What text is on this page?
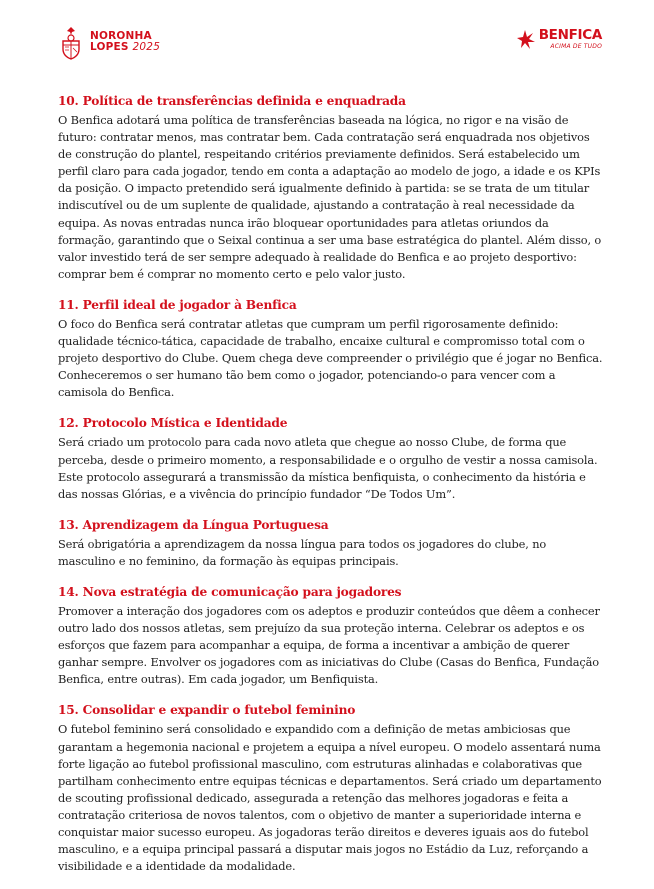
NORONHA
LOPES 2025
BENFICA
ACIMA DE TUDO
10. Política de transferências definida e enquadrada

O Benfica adotará uma política de transferências baseada na lógica, no rigor e na visão de futuro: contratar menos, mas contratar bem. Cada contratação será enquadrada nos objetivos de construção do plantel, respeitando critérios previamente definidos. Será estabelecido um perfil claro para cada jogador, tendo em conta a adaptação ao modelo de jogo, a idade e os KPIs da posição. O impacto pretendido será igualmente definido à partida: se se trata de um titular indiscutível ou de um suplente de qualidade, ajustando a contratação à real necessidade da equipa. As novas entradas nunca irão bloquear oportunidades para atletas oriundos da formação, garantindo que o Seixal continua a ser uma base estratégica do plantel. Além disso, o valor investido terá de ser sempre adequado à realidade do Benfica e ao projeto desportivo: comprar bem é comprar no momento certo e pelo valor justo.

11. Perfil ideal de jogador à Benfica

O foco do Benfica será contratar atletas que cumpram um perfil rigorosamente definido: qualidade técnico-tática, capacidade de trabalho, encaixe cultural e compromisso total com o projeto desportivo do Clube. Quem chega deve compreender o privilégio que é jogar no Benfica. Conheceremos o ser humano tão bem como o jogador, potenciando-o para vencer com a camisola do Benfica.

12. Protocolo Mística e Identidade

Será criado um protocolo para cada novo atleta que chegue ao nosso Clube, de forma que perceba, desde o primeiro momento, a responsabilidade e o orgulho de vestir a nossa camisola. Este protocolo assegurará a transmissão da mística benfiquista, o conhecimento da história e das nossas Glórias, e a vivência do princípio fundador “De Todos Um”.

13. Aprendizagem da Língua Portuguesa

Será obrigatória a aprendizagem da nossa língua para todos os jogadores do clube, no masculino e no feminino, da formação às equipas principais.

14. Nova estratégia de comunicação para jogadores

Promover a interação dos jogadores com os adeptos e produzir conteúdos que dêem a conhecer outro lado dos nossos atletas, sem prejuízo da sua proteção interna. Celebrar os adeptos e os esforços que fazem para acompanhar a equipa, de forma a incentivar a ambição de querer ganhar sempre. Envolver os jogadores com as iniciativas do Clube (Casas do Benfica, Fundação Benfica, entre outras). Em cada jogador, um Benfiquista.

15. Consolidar e expandir o futebol feminino

O futebol feminino será consolidado e expandido com a definição de metas ambiciosas que garantam a hegemonia nacional e projetem a equipa a nível europeu. O modelo assentará numa forte ligação ao futebol profissional masculino, com estruturas alinhadas e colaborativas que partilham conhecimento entre equipas técnicas e departamentos. Será criado um departamento de scouting profissional dedicado, assegurada a retenção das melhores jogadoras e feita a contratação criteriosa de novos talentos, com o objetivo de manter a superioridade interna e conquistar maior sucesso europeu. As jogadoras terão direitos e deveres iguais aos do futebol masculino, e a equipa principal passará a disputar mais jogos no Estádio da Luz, reforçando a visibilidade e a identidade da modalidade.
